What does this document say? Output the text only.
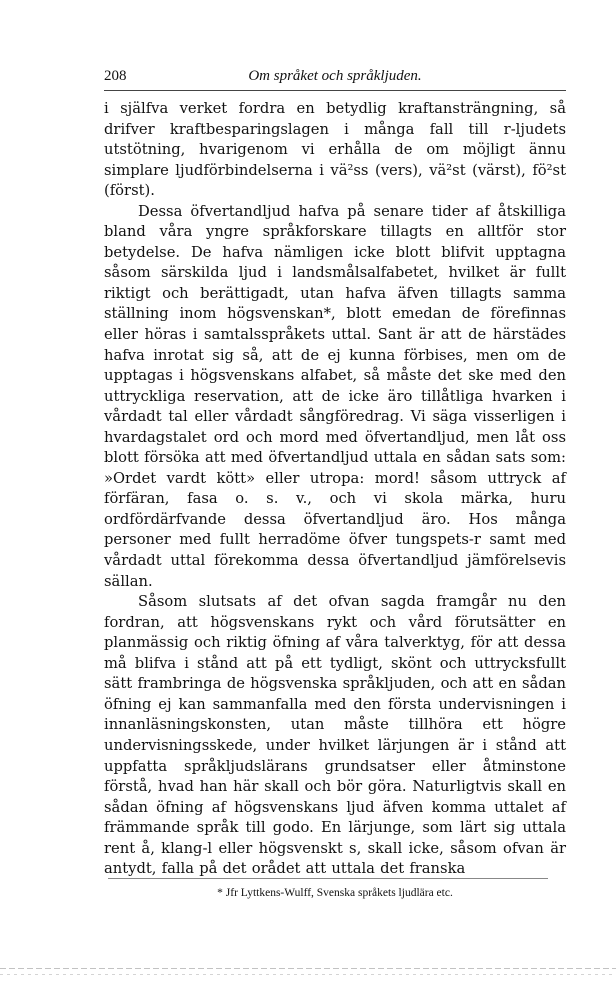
208	Om språket och språkljuden.

i själfva verket fordra en betydlig kraftansträngning, så drifver kraftbesparingslagen i många fall till r-ljudets utstötning, hvarigenom vi erhålla de om möjligt ännu simplare ljudförbindelserna i vä²ss (vers), vä²st (värst), fö²st (först).

Dessa öfvertandljud hafva på senare tider af åtskilliga bland våra yngre språkforskare tillagts en alltför stor betydelse. De hafva nämligen icke blott blifvit upptagna såsom särskilda ljud i landsmålsalfabetet, hvilket är fullt riktigt och berättigadt, utan hafva äfven tillagts samma ställning inom högsvenskan*, blott emedan de förefinnas eller höras i samtalsspråkets uttal. Sant är att de härstädes hafva inrotat sig så, att de ej kunna förbises, men om de upptagas i högsvenskans alfabet, så måste det ske med den uttryckliga reservation, att de icke äro tillåtliga hvarken i vårdadt tal eller vårdadt sångföredrag. Vi säga visserligen i hvardagstalet ord och mord med öfvertandljud, men låt oss blott försöka att med öfvertandljud uttala en sådan sats som: »Ordet vardt kött» eller utropa: mord! såsom uttryck af förfäran, fasa o. s. v., och vi skola märka, huru ordfördärfvande dessa öfvertandljud äro. Hos många personer med fullt herradöme öfver tungspets-r samt med vårdadt uttal förekomma dessa öfvertandljud jämförelsevis sällan.

Såsom slutsats af det ofvan sagda framgår nu den fordran, att högsvenskans rykt och vård förutsätter en planmässig och riktig öfning af våra talverktyg, för att dessa må blifva i stånd att på ett tydligt, skönt och uttrycksfullt sätt frambringa de högsvenska språkljuden, och att en sådan öfning ej kan sammanfalla med den första undervisningen i innanläsningskonsten, utan måste tillhöra ett högre undervisningsskede, under hvilket lärjungen är i stånd att uppfatta språkljudslärans grundsatser eller åtminstone förstå, hvad han här skall och bör göra. Naturligtvis skall en sådan öfning af högsvenskans ljud äfven komma uttalet af främmande språk till godo. En lärjunge, som lärt sig uttala rent å, klang-l eller högsvenskt s, skall icke, såsom ofvan är antydt, falla på det orådet att uttala det franska

* Jfr Lyttkens-Wulff, Svenska språkets ljudlära etc.
